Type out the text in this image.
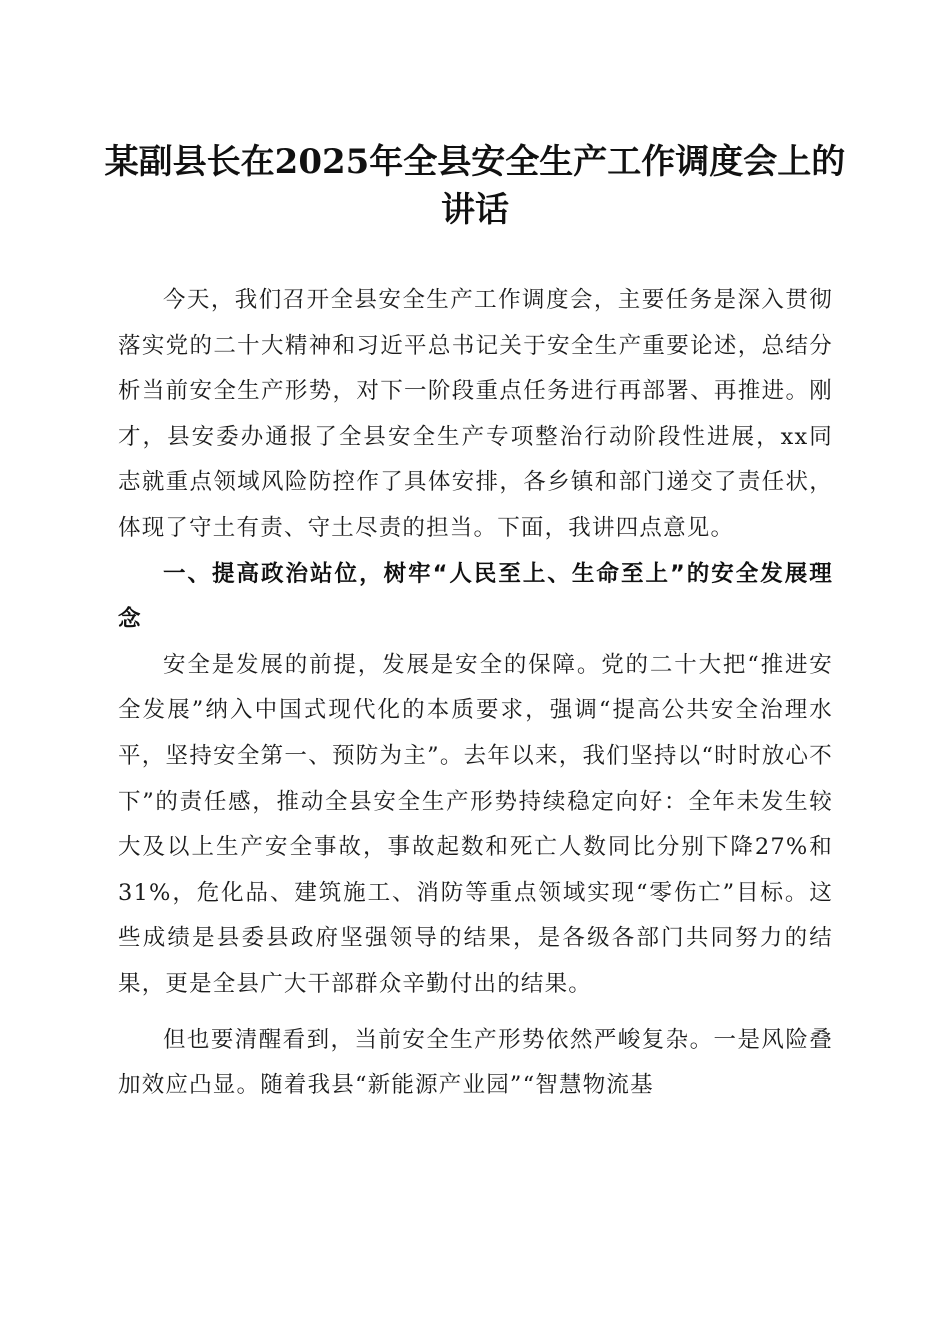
某副县长在2025年全县安全生产工作调度会上的讲话

今天，我们召开全县安全生产工作调度会，主要任务是深入贯彻落实党的二十大精神和习近平总书记关于安全生产重要论述，总结分析当前安全生产形势，对下一阶段重点任务进行再部署、再推进。刚才，县安委办通报了全县安全生产专项整治行动阶段性进展，xx同志就重点领域风险防控作了具体安排，各乡镇和部门递交了责任状，体现了守土有责、守土尽责的担当。下面，我讲四点意见。

一、提高政治站位，树牢“人民至上、生命至上”的安全发展理念

安全是发展的前提，发展是安全的保障。党的二十大把“推进安全发展”纳入中国式现代化的本质要求，强调“提高公共安全治理水平，坚持安全第一、预防为主”。去年以来，我们坚持以“时时放心不下”的责任感，推动全县安全生产形势持续稳定向好：全年未发生较大及以上生产安全事故，事故起数和死亡人数同比分别下降27%和31%，危化品、建筑施工、消防等重点领域实现“零伤亡”目标。这些成绩是县委县政府坚强领导的结果，是各级各部门共同努力的结果，更是全县广大干部群众辛勤付出的结果。

但也要清醒看到，当前安全生产形势依然严峻复杂。一是风险叠加效应凸显。随着我县“新能源产业园”“智慧物流基
